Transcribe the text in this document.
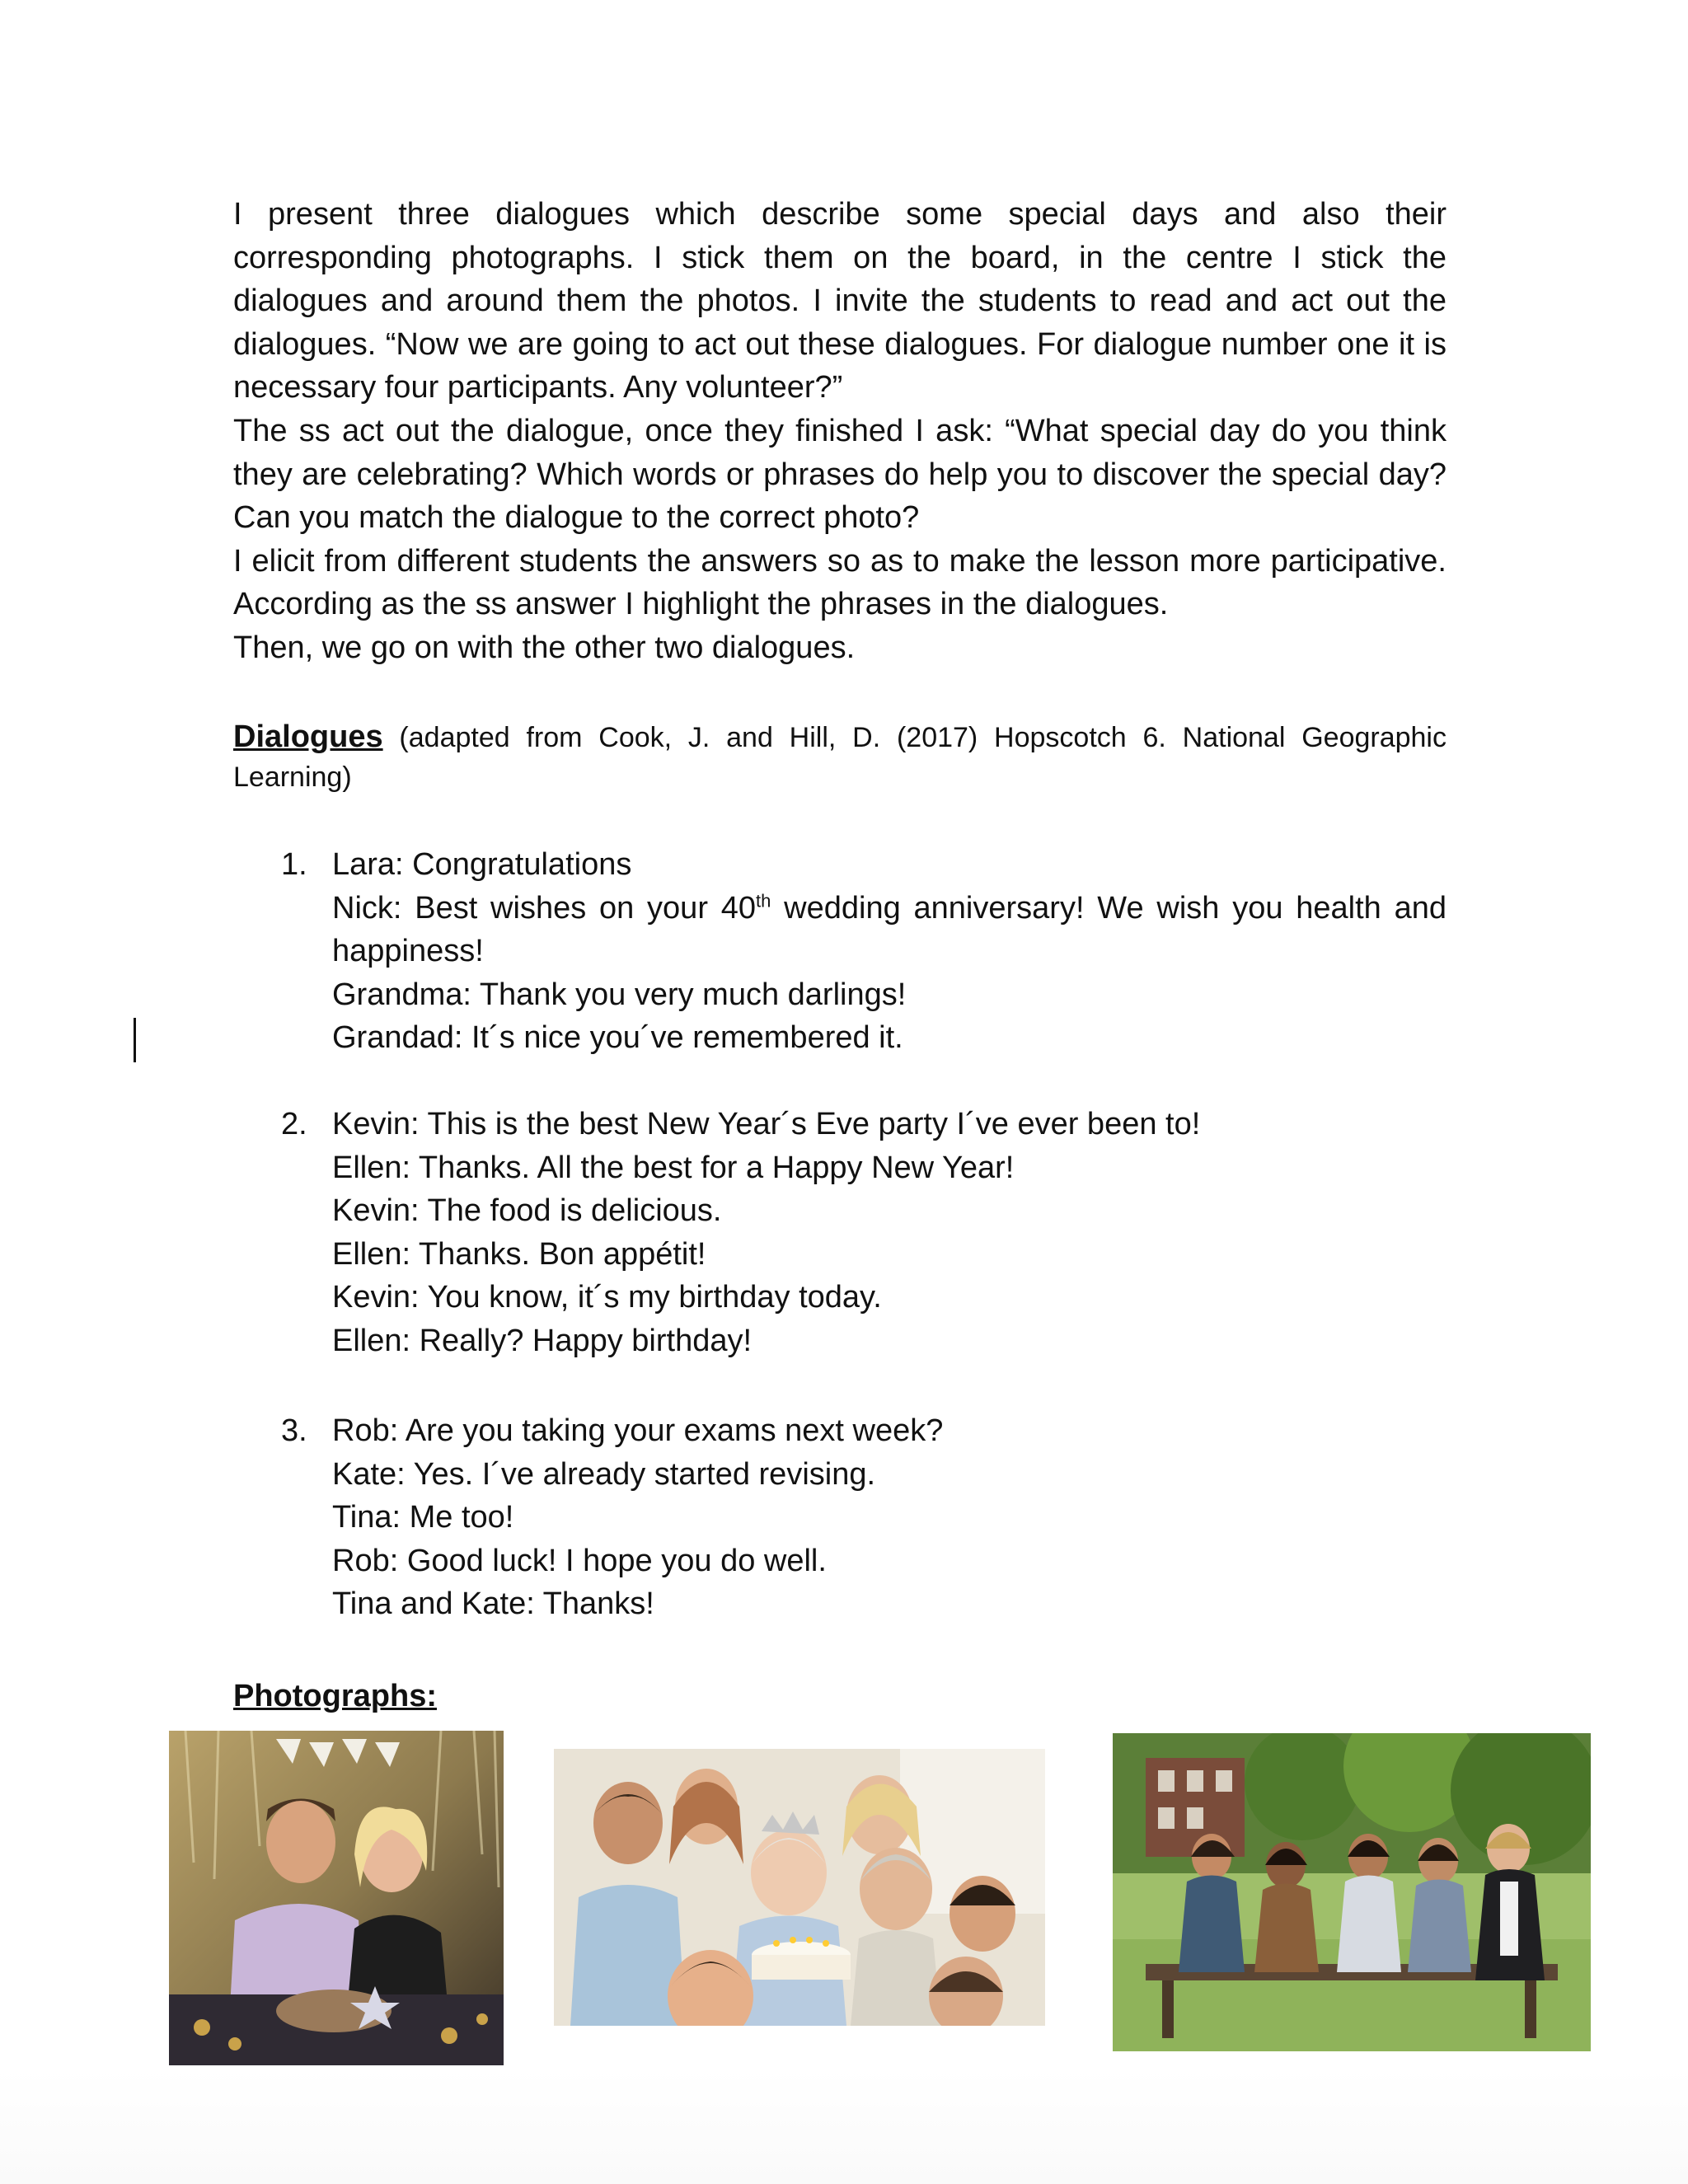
I present three dialogues which describe some special days and also their corresponding photographs. I stick them on the board, in the centre I stick the dialogues and around them the photos. I invite the students to read and act out the dialogues. “Now we are going to act out these dialogues. For dialogue number one it is necessary four participants. Any volunteer?”

The ss act out the dialogue, once they finished I ask: “What special day do you think they are celebrating? Which words or phrases do help you to discover the special day? Can you match the dialogue to the correct photo?

I elicit from different students the answers so as to make the lesson more participative. According as the ss answer I highlight the phrases in the dialogues.

Then, we go on with the other two dialogues.

Dialogues (adapted from Cook, J. and Hill, D. (2017) Hopscotch 6. National Geographic Learning)
1. Lara: Congratulations
Nick: Best wishes on your 40th wedding anniversary! We wish you health and happiness!
Grandma: Thank you very much darlings!
Grandad: It´s nice you´ve remembered it.
2. Kevin: This is the best New Year´s Eve party I´ve ever been to!
Ellen: Thanks. All the best for a Happy New Year!
Kevin: The food is delicious.
Ellen: Thanks. Bon appétit!
Kevin: You know, it´s my birthday today.
Ellen: Really? Happy birthday!
3. Rob: Are you taking your exams next week?
Kate: Yes. I´ve already started revising.
Tina: Me too!
Rob: Good luck! I hope you do well.
Tina and Kate: Thanks!
Photographs:
